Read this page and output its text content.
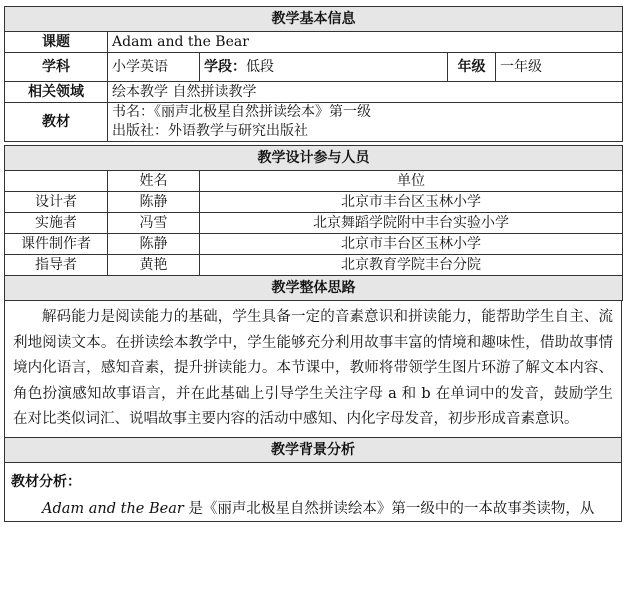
教学基本信息				
课题	Adam and the Bear			
学科	小学英语	学段：低段	年级	一年级
相关领域	绘本教学 自然拼读教学			
教材	书名：《丽声北极星自然拼读绘本》第一级
出版社：外语教学与研究出版社			
教学设计参与人员		
	姓名	单位
设计者	陈静	北京市丰台区玉林小学
实施者	冯雪	北京舞蹈学院附中丰台实验小学
课件制作者	陈静	北京市丰台区玉林小学
指导者	黄艳	北京教育学院丰台分院
教学整体思路		
解码能力是阅读能力的基础，学生具备一定的音素意识和拼读能力，能帮助学生自主、流利地阅读文本。在拼读绘本教学中，学生能够充分利用故事丰富的情境和趣味性，借助故事情境内化语言，感知音素，提升拼读能力。本节课中，教师将带领学生图片环游了解文本内容、角色扮演感知故事语言，并在此基础上引导学生关注字母 a 和 b 在单词中的发音，鼓励学生在对比类似词汇、说唱故事主要内容的活动中感知、内化字母发音，初步形成音素意识。
教学背景分析
教材分析：
Adam and the Bear 是《丽声北极星自然拼读绘本》第一级中的一本故事类读物，从
